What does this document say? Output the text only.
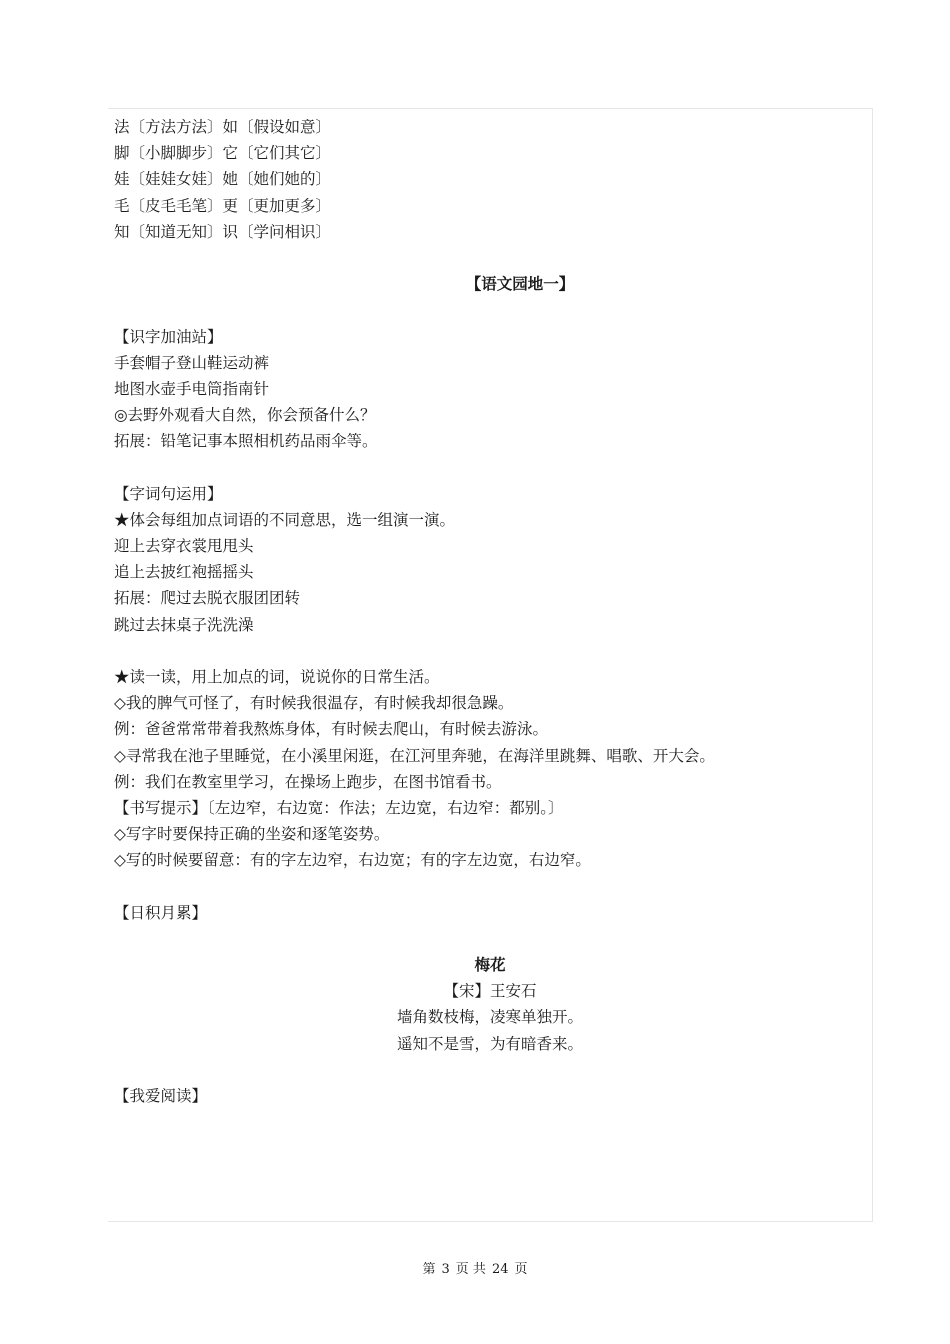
法〔方法方法〕如〔假设如意〕
脚〔小脚脚步〕它〔它们其它〕
娃〔娃娃女娃〕她〔她们她的〕
毛〔皮毛毛笔〕更〔更加更多〕
知〔知道无知〕识〔学问相识〕
【语文园地一】
【识字加油站】
手套帽子登山鞋运动裤
地图水壶手电筒指南针
◎去野外观看大自然，你会预备什么？
拓展：铅笔记事本照相机药品雨伞等。
【字词句运用】
★体会每组加点词语的不同意思，选一组演一演。
迎上去穿衣裳甩甩头
追上去披红袍摇摇头
拓展：爬过去脱衣服团团转
跳过去抹桌子洗洗澡
★读一读，用上加点的词，说说你的日常生活。
◇我的脾气可怪了，有时候我很温存，有时候我却很急躁。
例：爸爸常常带着我熬炼身体，有时候去爬山，有时候去游泳。
◇寻常我在池子里睡觉，在小溪里闲逛，在江河里奔驰，在海洋里跳舞、唱歌、开大会。
例：我们在教室里学习，在操场上跑步，在图书馆看书。
【书写提示】〔左边窄，右边宽：作法；左边宽，右边窄：都别。〕
◇写字时要保持正确的坐姿和逐笔姿势。
◇写的时候要留意：有的字左边窄，右边宽；有的字左边宽，右边窄。
【日积月累】
梅花
【宋】王安石
墙角数枝梅，凌寒单独开。
遥知不是雪，为有暗香来。
【我爱阅读】
第 3 页 共 24 页
